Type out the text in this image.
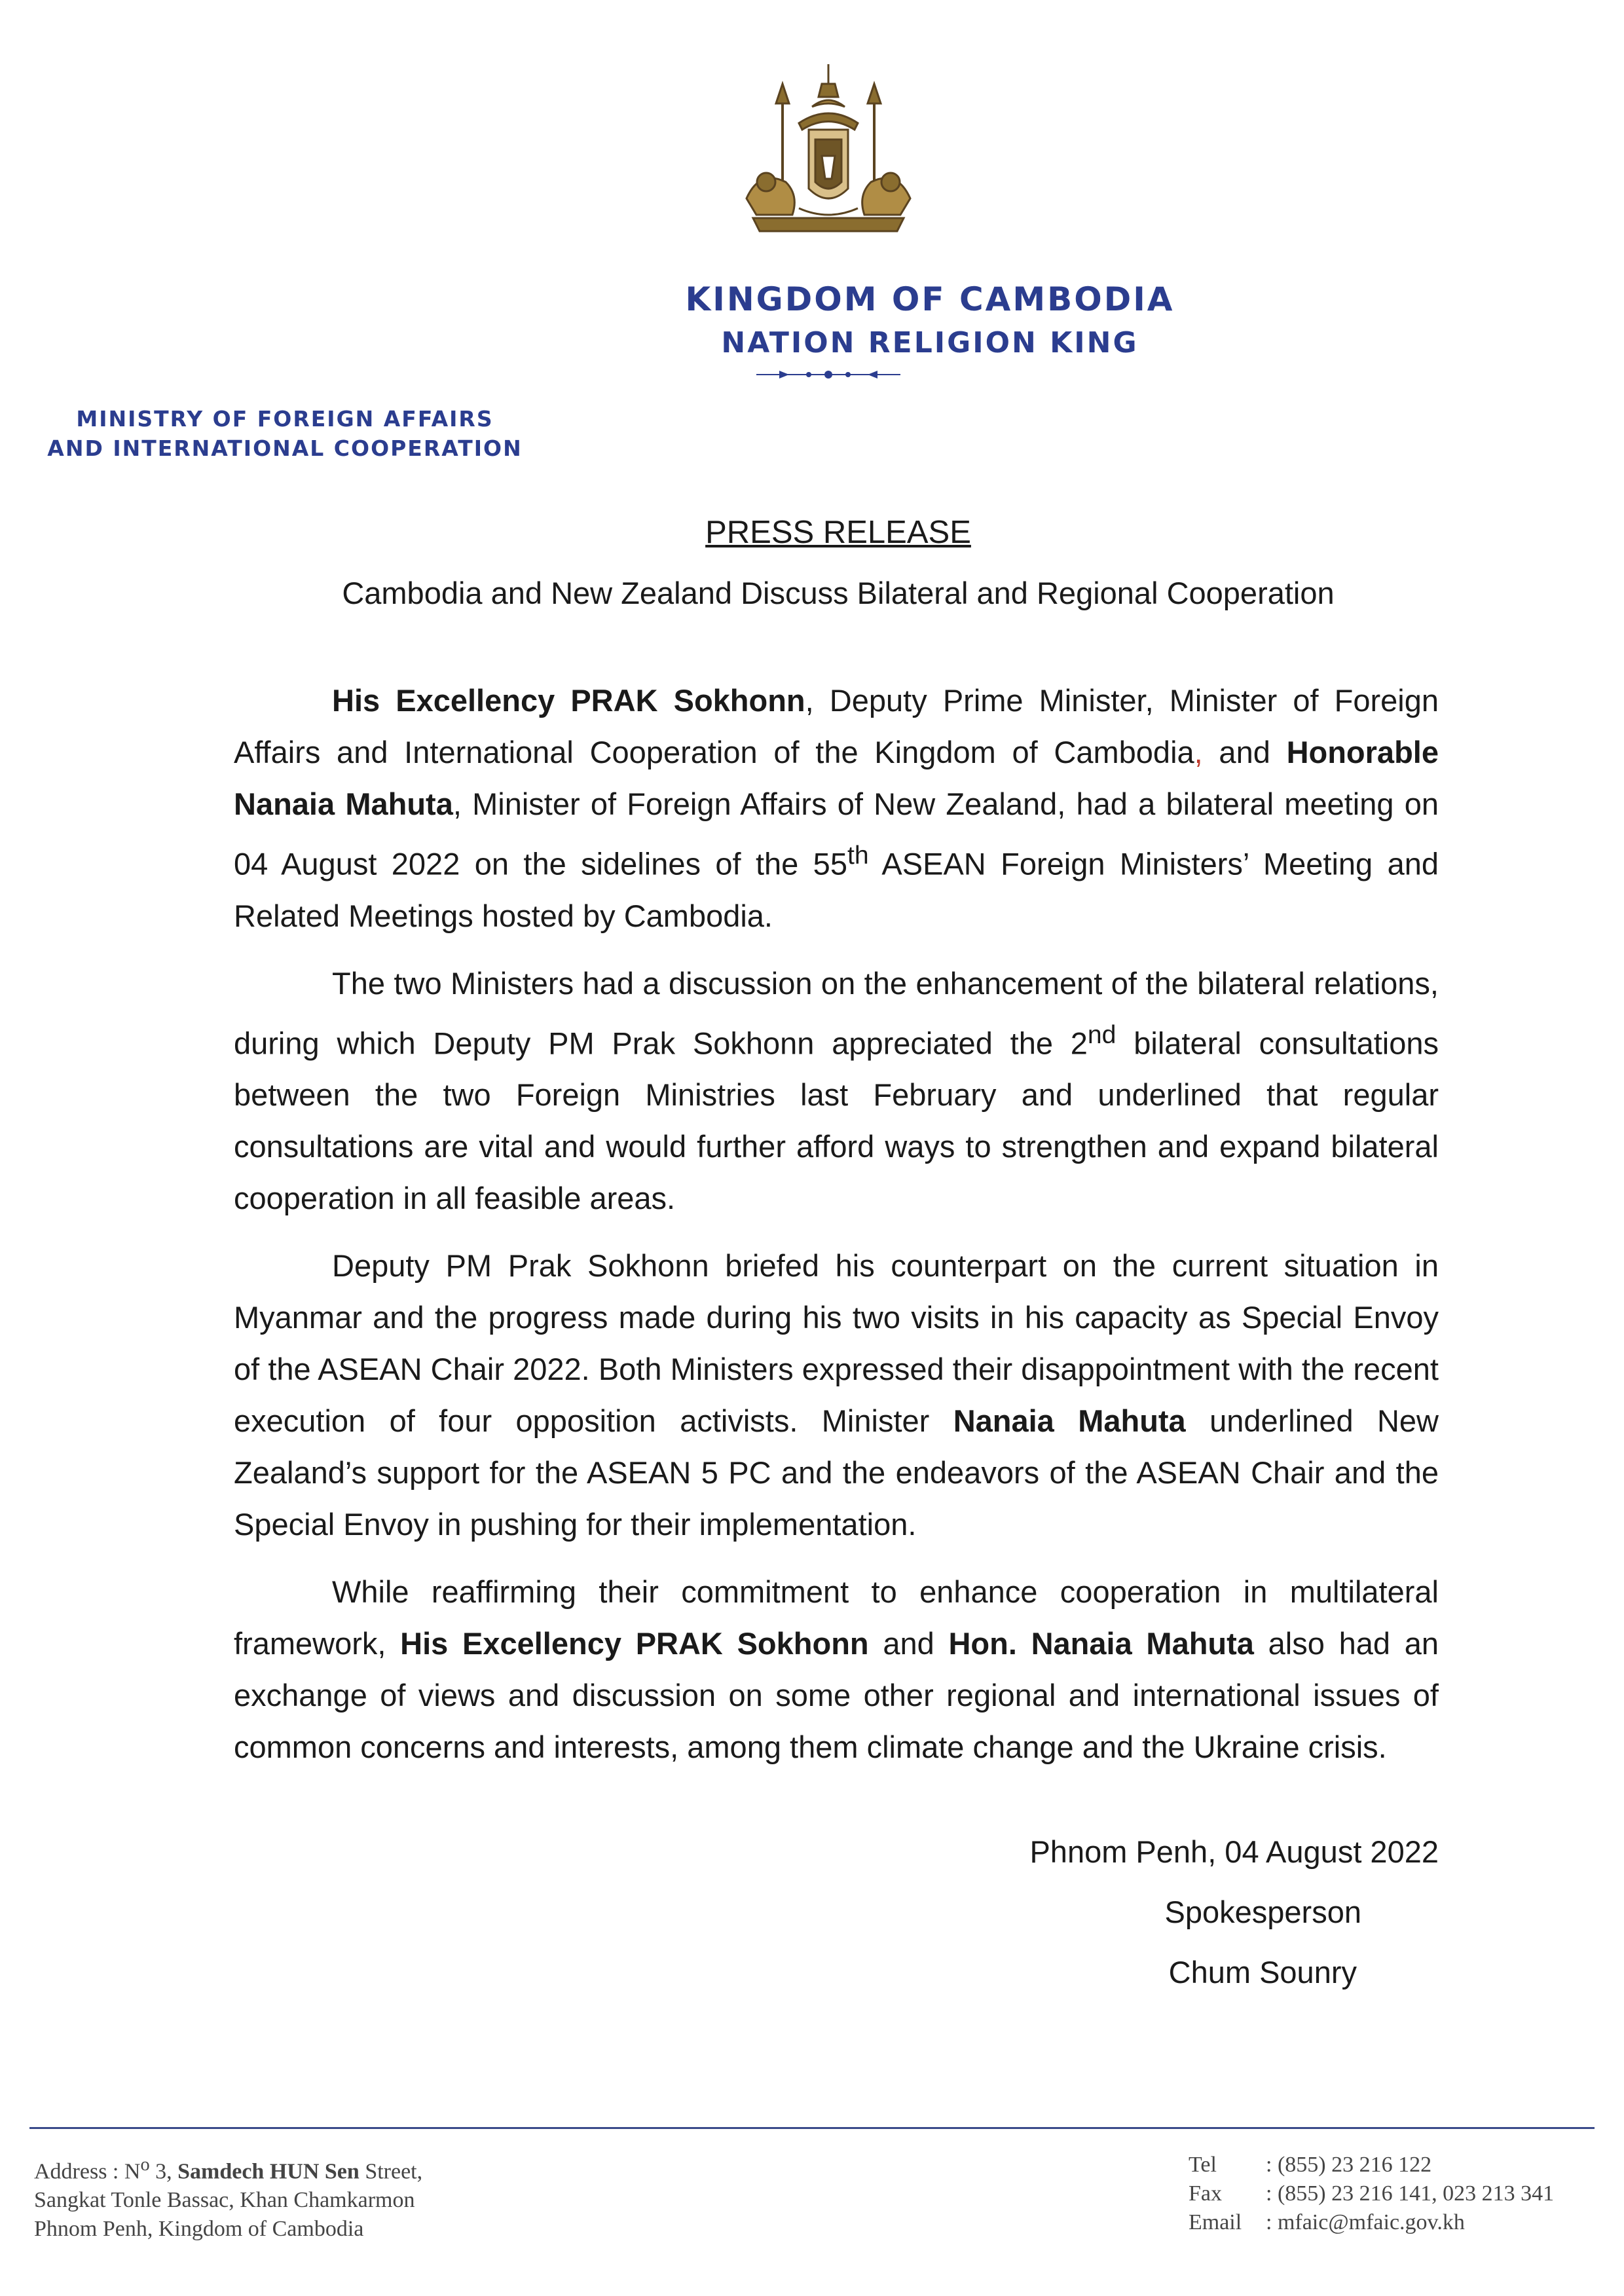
KINGDOM OF CAMBODIA
NATION RELIGION KING
MINISTRY OF FOREIGN AFFAIRS
AND INTERNATIONAL COOPERATION
PRESS RELEASE
Cambodia and New Zealand Discuss Bilateral and Regional Cooperation

His Excellency PRAK Sokhonn, Deputy Prime Minister, Minister of Foreign Affairs and International Cooperation of the Kingdom of Cambodia, and Honorable Nanaia Mahuta, Minister of Foreign Affairs of New Zealand, had a bilateral meeting on 04 August 2022 on the sidelines of the 55th ASEAN Foreign Ministers’ Meeting and Related Meetings hosted by Cambodia.

The two Ministers had a discussion on the enhancement of the bilateral relations, during which Deputy PM Prak Sokhonn appreciated the 2nd bilateral consultations between the two Foreign Ministries last February and underlined that regular consultations are vital and would further afford ways to strengthen and expand bilateral cooperation in all feasible areas.

Deputy PM Prak Sokhonn briefed his counterpart on the current situation in Myanmar and the progress made during his two visits in his capacity as Special Envoy of the ASEAN Chair 2022. Both Ministers expressed their disappointment with the recent execution of four opposition activists. Minister Nanaia Mahuta underlined New Zealand’s support for the ASEAN 5 PC and the endeavors of the ASEAN Chair and the Special Envoy in pushing for their implementation.

While reaffirming their commitment to enhance cooperation in multilateral framework, His Excellency PRAK Sokhonn and Hon. Nanaia Mahuta also had an exchange of views and discussion on some other regional and international issues of common concerns and interests, among them climate change and the Ukraine crisis.

Phnom Penh, 04 August 2022
Spokesperson
Chum Sounry
Address : $N^o$ 3, Samdech HUN Sen Street,
Sangkat Tonle Bassac, Khan Chamkarmon
Phnom Penh, Kingdom of Cambodia
Tel : (855) 23 216 122
Fax : (855) 23 216 141, 023 213 341
Email : mfaic@mfaic.gov.kh
